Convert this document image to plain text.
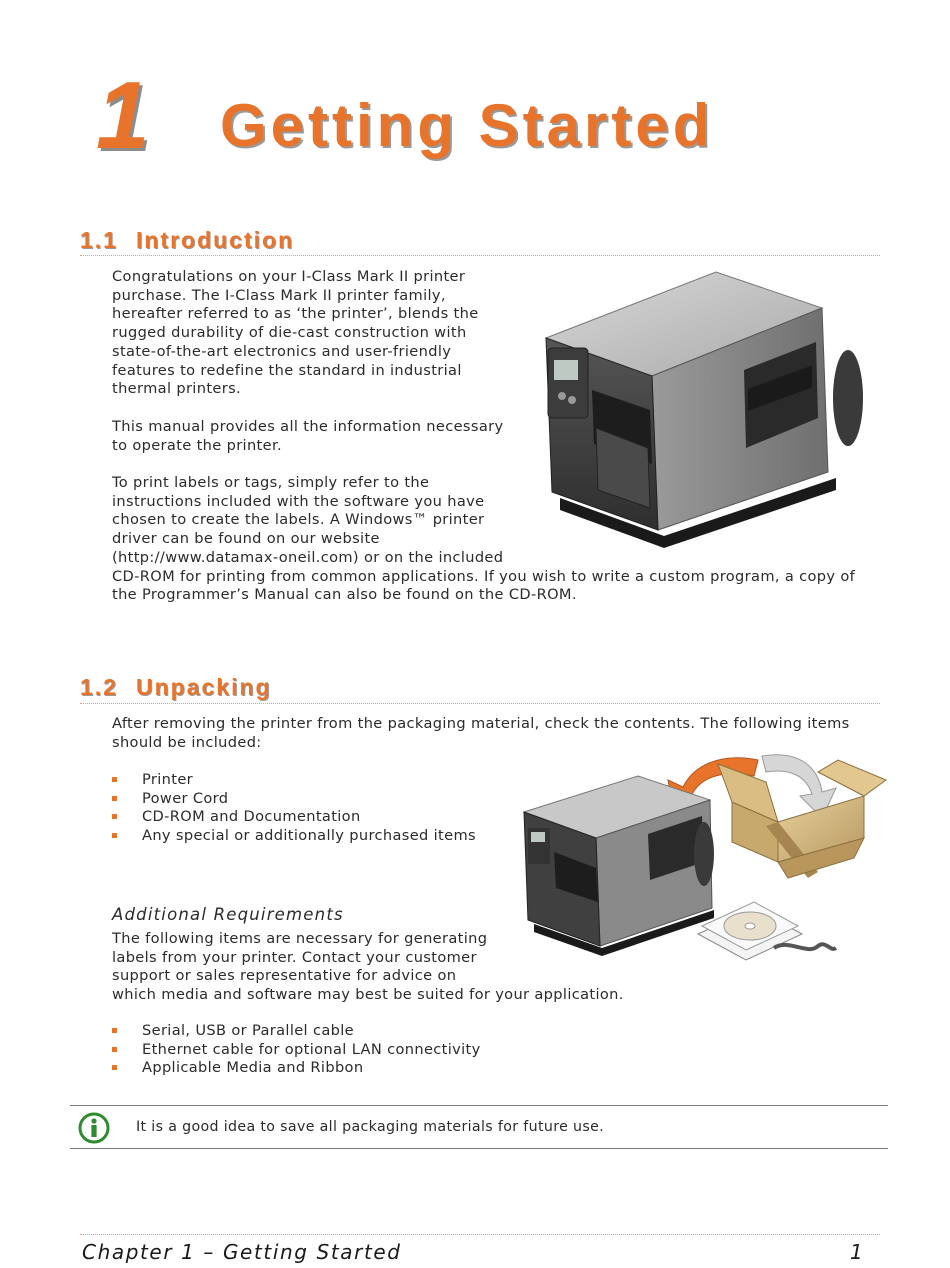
1 Getting Started
1.1 Introduction
Congratulations on your I-Class Mark II printer
purchase. The I-Class Mark II printer family,
hereafter referred to as ‘the printer’, blends the
rugged durability of die-cast construction with
state-of-the-art electronics and user-friendly
features to redefine the standard in industrial
thermal printers.
This manual provides all the information necessary
to operate the printer.
To print labels or tags, simply refer to the
instructions included with the software you have
chosen to create the labels. A Windows™ printer
driver can be found on our website
(http://www.datamax-oneil.com) or on the included
CD-ROM for printing from common applications. If you wish to write a custom program, a copy of
the Programmer’s Manual can also be found on the CD-ROM.
1.2 Unpacking
After removing the printer from the packaging material, check the contents. The following items
should be included:
Printer
Power Cord
CD-ROM and Documentation
Any special or additionally purchased items
Additional Requirements
The following items are necessary for generating
labels from your printer. Contact your customer
support or sales representative for advice on
which media and software may best be suited for your application.
Serial, USB or Parallel cable
Ethernet cable for optional LAN connectivity
Applicable Media and Ribbon
It is a good idea to save all packaging materials for future use.
Chapter 1 – Getting Started	1
